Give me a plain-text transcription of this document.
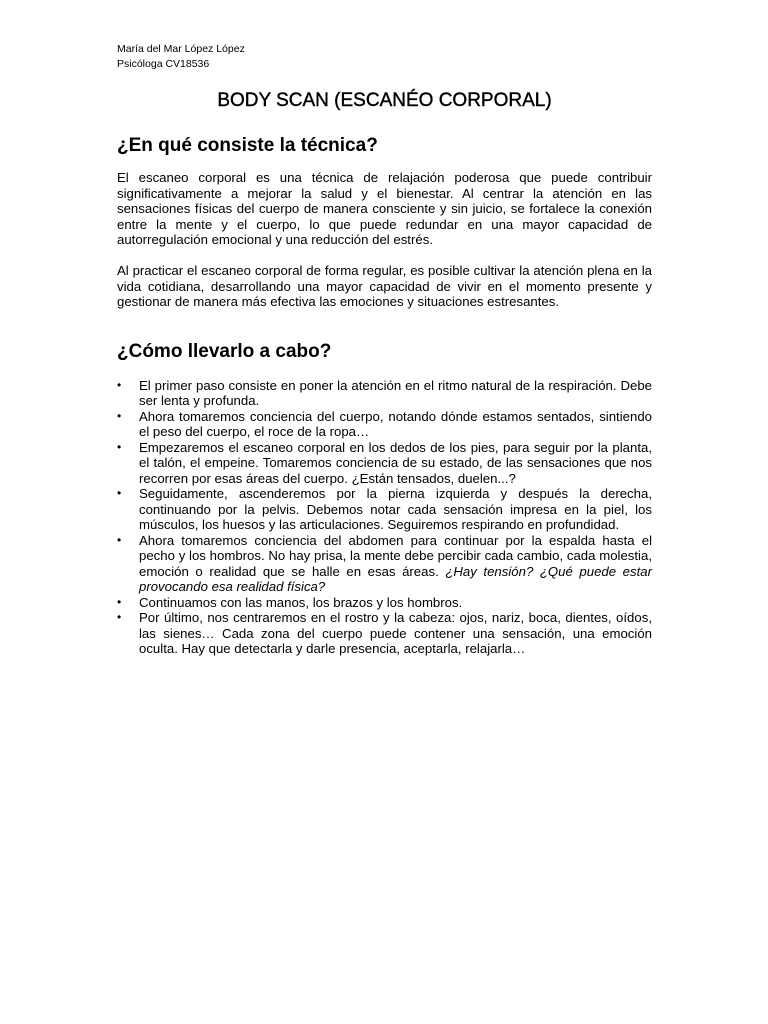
María del Mar López López
Psicóloga CV18536
BODY SCAN (ESCANÉO CORPORAL)
¿En qué consiste la técnica?

El escaneo corporal es una técnica de relajación poderosa que puede contribuir significativamente a mejorar la salud y el bienestar. Al centrar la atención en las sensaciones físicas del cuerpo de manera consciente y sin juicio, se fortalece la conexión entre la mente y el cuerpo, lo que puede redundar en una mayor capacidad de autorregulación emocional y una reducción del estrés.

Al practicar el escaneo corporal de forma regular, es posible cultivar la atención plena en la vida cotidiana, desarrollando una mayor capacidad de vivir en el momento presente y gestionar de manera más efectiva las emociones y situaciones estresantes.

¿Cómo llevarlo a cabo?
• El primer paso consiste en poner la atención en el ritmo natural de la respiración. Debe ser lenta y profunda.
• Ahora tomaremos conciencia del cuerpo, notando dónde estamos sentados, sintiendo el peso del cuerpo, el roce de la ropa…
• Empezaremos el escaneo corporal en los dedos de los pies, para seguir por la planta, el talón, el empeine. Tomaremos conciencia de su estado, de las sensaciones que nos recorren por esas áreas del cuerpo. ¿Están tensados, duelen...?
• Seguidamente, ascenderemos por la pierna izquierda y después la derecha, continuando por la pelvis. Debemos notar cada sensación impresa en la piel, los músculos, los huesos y las articulaciones. Seguiremos respirando en profundidad.
• Ahora tomaremos conciencia del abdomen para continuar por la espalda hasta el pecho y los hombros. No hay prisa, la mente debe percibir cada cambio, cada molestia, emoción o realidad que se halle en esas áreas. ¿Hay tensión? ¿Qué puede estar provocando esa realidad física?
• Continuamos con las manos, los brazos y los hombros.
• Por último, nos centraremos en el rostro y la cabeza: ojos, nariz, boca, dientes, oídos, las sienes… Cada zona del cuerpo puede contener una sensación, una emoción oculta. Hay que detectarla y darle presencia, aceptarla, relajarla…
